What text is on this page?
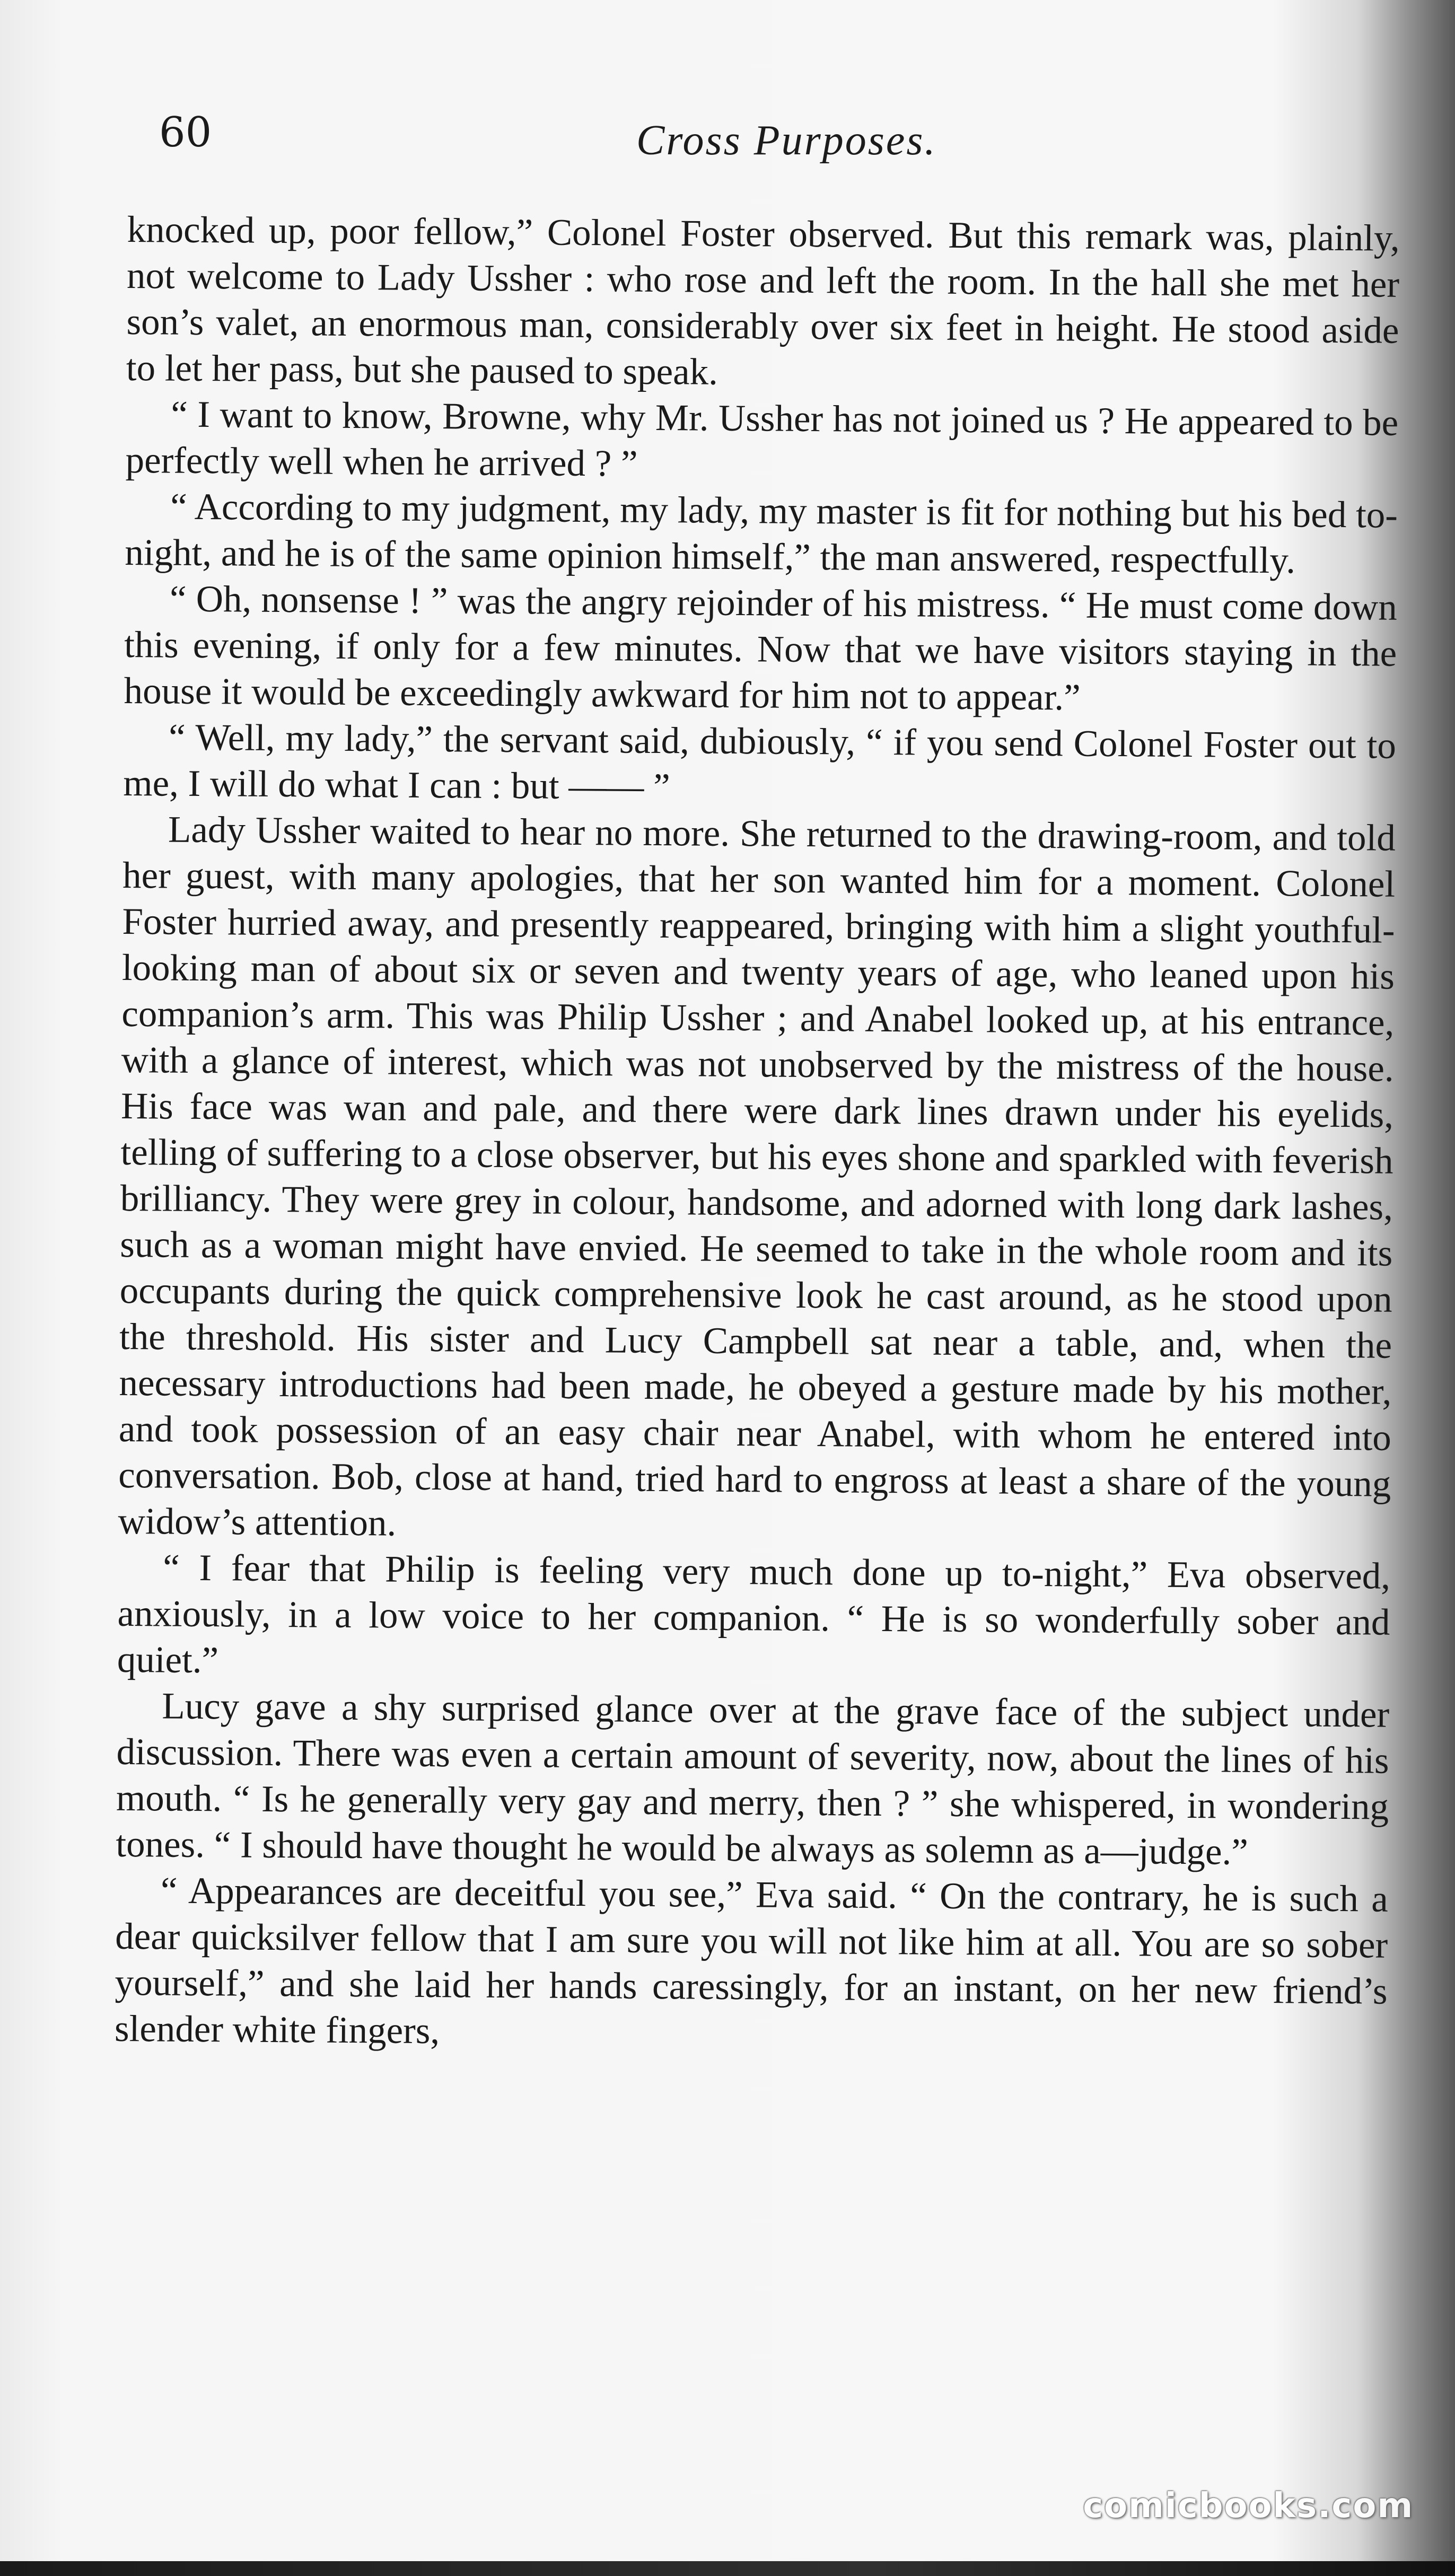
60	Cross Purposes.

knocked up, poor fellow,” Colonel Foster observed. But this remark was, plainly, not welcome to Lady Ussher : who rose and left the room. In the hall she met her son’s valet, an enormous man, considerably over six feet in height. He stood aside to let her pass, but she paused to speak.

“ I want to know, Browne, why Mr. Ussher has not joined us ? He appeared to be perfectly well when he arrived ? ”

“ According to my judgment, my lady, my master is fit for nothing but his bed to-night, and he is of the same opinion himself,” the man answered, respectfully.

“ Oh, nonsense ! ” was the angry rejoinder of his mistress. “ He must come down this evening, if only for a few minutes. Now that we have visitors staying in the house it would be exceedingly awkward for him not to appear.”

“ Well, my lady,” the servant said, dubiously, “ if you send Colonel Foster out to me, I will do what I can : but —— ”

Lady Ussher waited to hear no more. She returned to the drawing-room, and told her guest, with many apologies, that her son wanted him for a moment. Colonel Foster hurried away, and presently reappeared, bringing with him a slight youthful-looking man of about six or seven and twenty years of age, who leaned upon his companion’s arm. This was Philip Ussher ; and Anabel looked up, at his entrance, with a glance of interest, which was not unobserved by the mistress of the house. His face was wan and pale, and there were dark lines drawn under his eyelids, telling of suffering to a close observer, but his eyes shone and sparkled with feverish brilliancy. They were grey in colour, handsome, and adorned with long dark lashes, such as a woman might have envied. He seemed to take in the whole room and its occupants during the quick comprehensive look he cast around, as he stood upon the threshold. His sister and Lucy Campbell sat near a table, and, when the necessary introductions had been made, he obeyed a gesture made by his mother, and took possession of an easy chair near Anabel, with whom he entered into conversation. Bob, close at hand, tried hard to engross at least a share of the young widow’s attention.

“ I fear that Philip is feeling very much done up to-night,” Eva observed, anxiously, in a low voice to her companion. “ He is so wonderfully sober and quiet.”

Lucy gave a shy surprised glance over at the grave face of the subject under discussion. There was even a certain amount of severity, now, about the lines of his mouth. “ Is he generally very gay and merry, then ? ” she whispered, in wondering tones. “ I should have thought he would be always as solemn as a—judge.”

“ Appearances are deceitful you see,” Eva said. “ On the contrary, he is such a dear quicksilver fellow that I am sure you will not like him at all. You are so sober yourself,” and she laid her hands caressingly, for an instant, on her new friend’s slender white fingers,

comicbooks.com
